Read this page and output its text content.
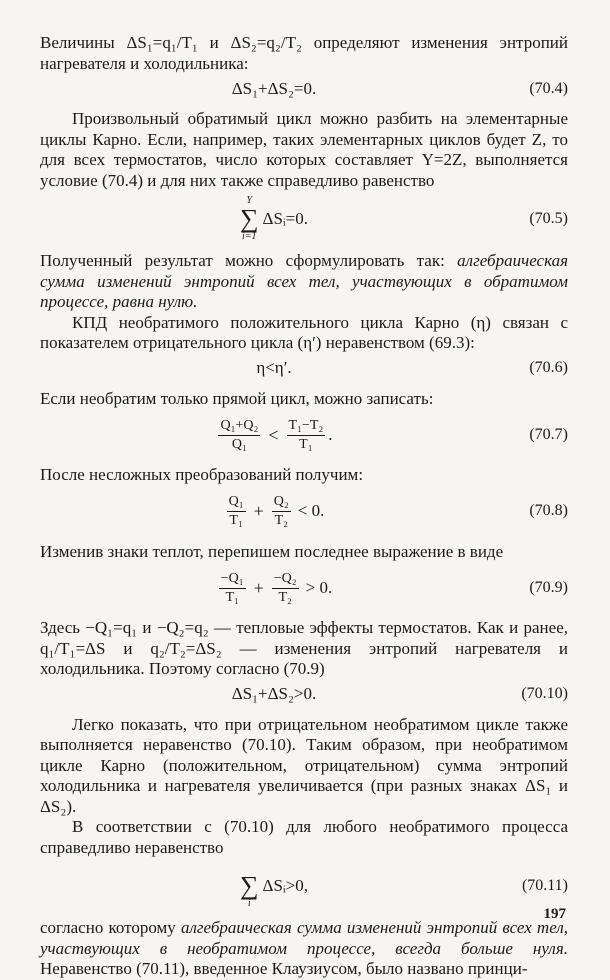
Величины ΔS₁=q₁/T₁ и ΔS₂=q₂/T₂ определяют изменения энтропий нагревателя и холодильника:

ΔS₁+ΔS₂=0.	(70.4)

Произвольный обратимый цикл можно разбить на элементарные циклы Карно. Если, например, таких элементарных циклов будет Z, то для всех термостатов, число которых составляет Y=2Z, выполняется условие (70.4) и для них также справедливо равенство

Y
∑
i=1
ΔSᵢ=0.	(70.5)

Полученный результат можно сформулировать так: алгебраическая сумма изменений энтропий всех тел, участвующих в обратимом процессе, равна нулю.

КПД необратимого положительного цикла Карно (η) связан с показателем отрицательного цикла (η′) неравенством (69.3):

η<η′.	(70.6)

Если необратим только прямой цикл, можно записать:

$\frac{\text{Q₁+Q₂}}{\text{Q₁}} < \frac{\text{T₁−T₂}}{\text{T₁}}$ .	(70.7)

После несложных преобразований получим:

$\frac{\text{Q₁}}{\text{T₁}} + \frac{\text{Q₂}}{\text{T₂}} < 0$.	(70.8)

Изменив знаки теплот, перепишем последнее выражение в виде

$\frac{\text{−Q₁}}{\text{T₁}} + \frac{\text{−Q₂}}{\text{T₂}} > 0$.	(70.9)

Здесь −Q₁=q₁ и −Q₂=q₂ — тепловые эффекты термостатов. Как и ранее, q₁/T₁=ΔS и q₂/T₂=ΔS₂ — изменения энтропий нагревателя и холодильника. Поэтому согласно (70.9)

ΔS₁+ΔS₂>0.	(70.10)

Легко показать, что при отрицательном необратимом цикле также выполняется неравенство (70.10). Таким образом, при необратимом цикле Карно (положительном, отрицательном) сумма энтропий холодильника и нагревателя увеличивается (при разных знаках ΔS₁ и ΔS₂).

В соответствии с (70.10) для любого необратимого процесса справедливо неравенство

∑
i
ΔSᵢ>0,	(70.11)

согласно которому алгебраическая сумма изменений энтропий всех тел, участвующих в необратимом процессе, всегда больше нуля. Неравенство (70.11), введенное Клаузиусом, было названо принци-

197
